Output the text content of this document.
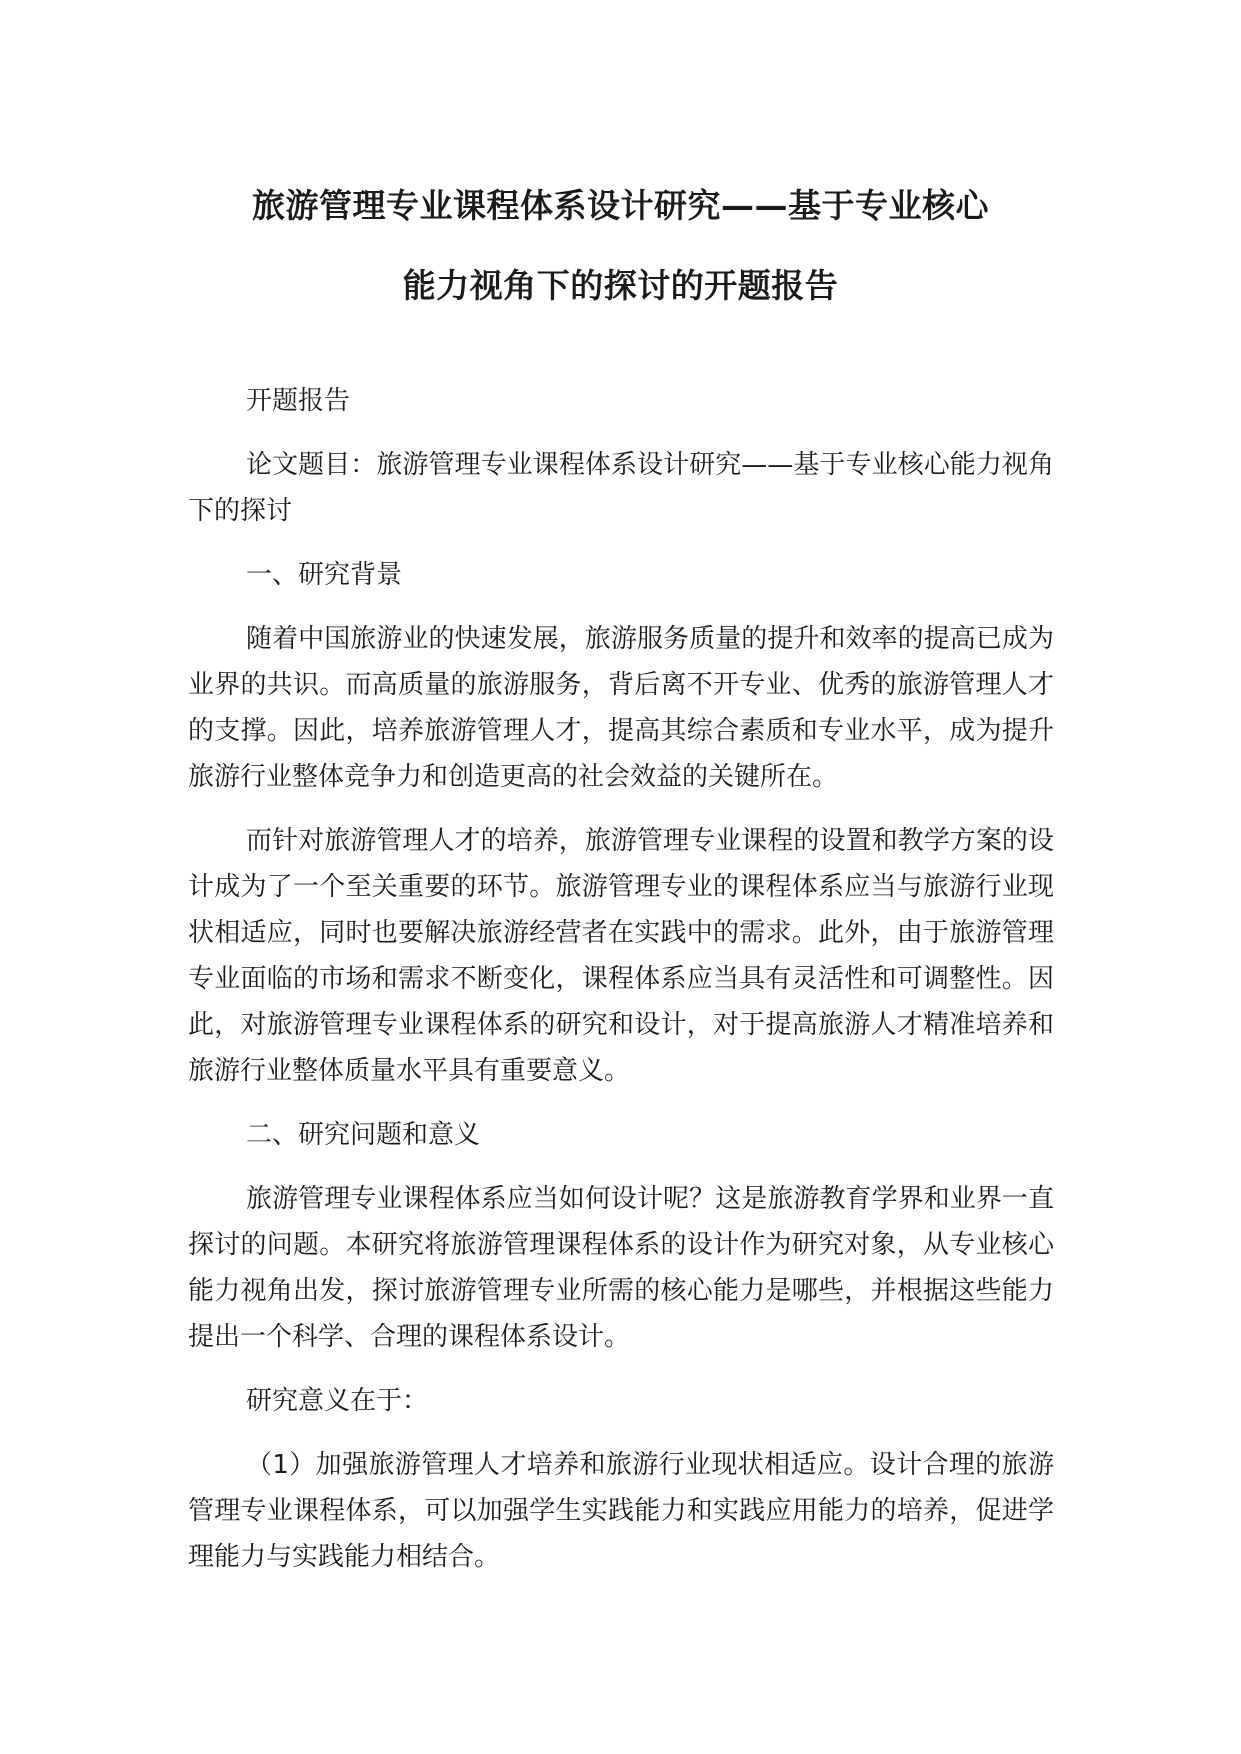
旅游管理专业课程体系设计研究——基于专业核心
能力视角下的探讨的开题报告

开题报告

论文题目：旅游管理专业课程体系设计研究——基于专业核心能力视角下的探讨

一、研究背景

随着中国旅游业的快速发展，旅游服务质量的提升和效率的提高已成为业界的共识。而高质量的旅游服务，背后离不开专业、优秀的旅游管理人才的支撑。因此，培养旅游管理人才，提高其综合素质和专业水平，成为提升旅游行业整体竞争力和创造更高的社会效益的关键所在。

而针对旅游管理人才的培养，旅游管理专业课程的设置和教学方案的设计成为了一个至关重要的环节。旅游管理专业的课程体系应当与旅游行业现状相适应，同时也要解决旅游经营者在实践中的需求。此外，由于旅游管理专业面临的市场和需求不断变化，课程体系应当具有灵活性和可调整性。因此，对旅游管理专业课程体系的研究和设计，对于提高旅游人才精准培养和旅游行业整体质量水平具有重要意义。

二、研究问题和意义

旅游管理专业课程体系应当如何设计呢？这是旅游教育学界和业界一直探讨的问题。本研究将旅游管理课程体系的设计作为研究对象，从专业核心能力视角出发，探讨旅游管理专业所需的核心能力是哪些，并根据这些能力提出一个科学、合理的课程体系设计。

研究意义在于：

（1）加强旅游管理人才培养和旅游行业现状相适应。设计合理的旅游管理专业课程体系，可以加强学生实践能力和实践应用能力的培养，促进学理能力与实践能力相结合。
